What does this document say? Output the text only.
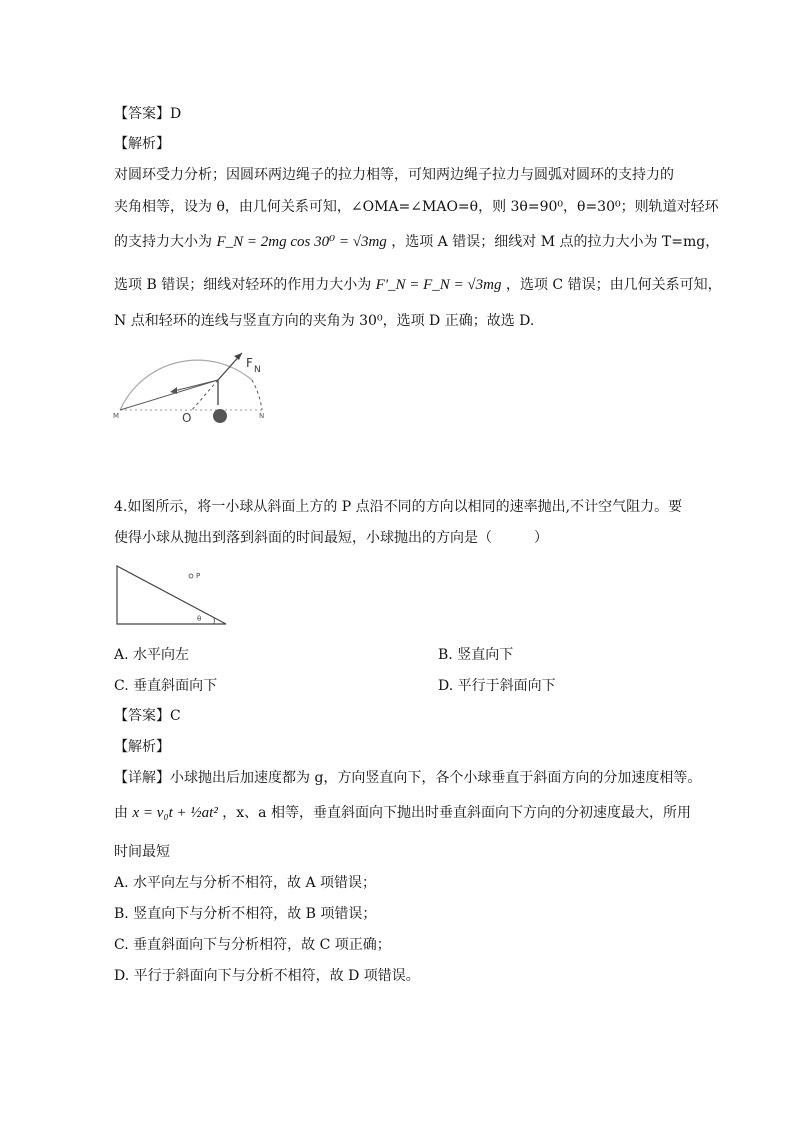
【答案】D
【解析】
对圆环受力分析；因圆环两边绳子的拉力相等，可知两边绳子拉力与圆弧对圆环的支持力的
夹角相等，设为 θ，由几何关系可知，∠OMA=∠MAO=θ，则 3θ=90⁰，θ=30⁰；则轨道对轻环
的支持力大小为 F_N = 2mg cos 30⁰ = √3mg ，选项 A 错误；细线对 M 点的拉力大小为 T=mg，
选项 B 错误；细线对轻环的作用力大小为 F'_N = F_N = √3mg ，选项 C 错误；由几何关系可知，
N 点和轻环的连线与竖直方向的夹角为 30⁰，选项 D 正确；故选 D.
F N
M	O	N
4.如图所示，将一小球从斜面上方的 P 点沿不同的方向以相同的速率抛出,不计空气阻力。要
使得小球从抛出到落到斜面的时间最短，小球抛出的方向是（　　　）
P
θ
A. 水平向左	B. 竖直向下
C. 垂直斜面向下	D. 平行于斜面向下
【答案】C
【解析】
【详解】小球抛出后加速度都为 g，方向竖直向下，各个小球垂直于斜面方向的分加速度相等。
由 x = v₀t + ½at² ，x、a 相等，垂直斜面向下抛出时垂直斜面向下方向的分初速度最大，所用
时间最短
A. 水平向左与分析不相符，故 A 项错误；
B. 竖直向下与分析不相符，故 B 项错误；
C. 垂直斜面向下与分析相符，故 C 项正确；
D. 平行于斜面向下与分析不相符，故 D 项错误。
